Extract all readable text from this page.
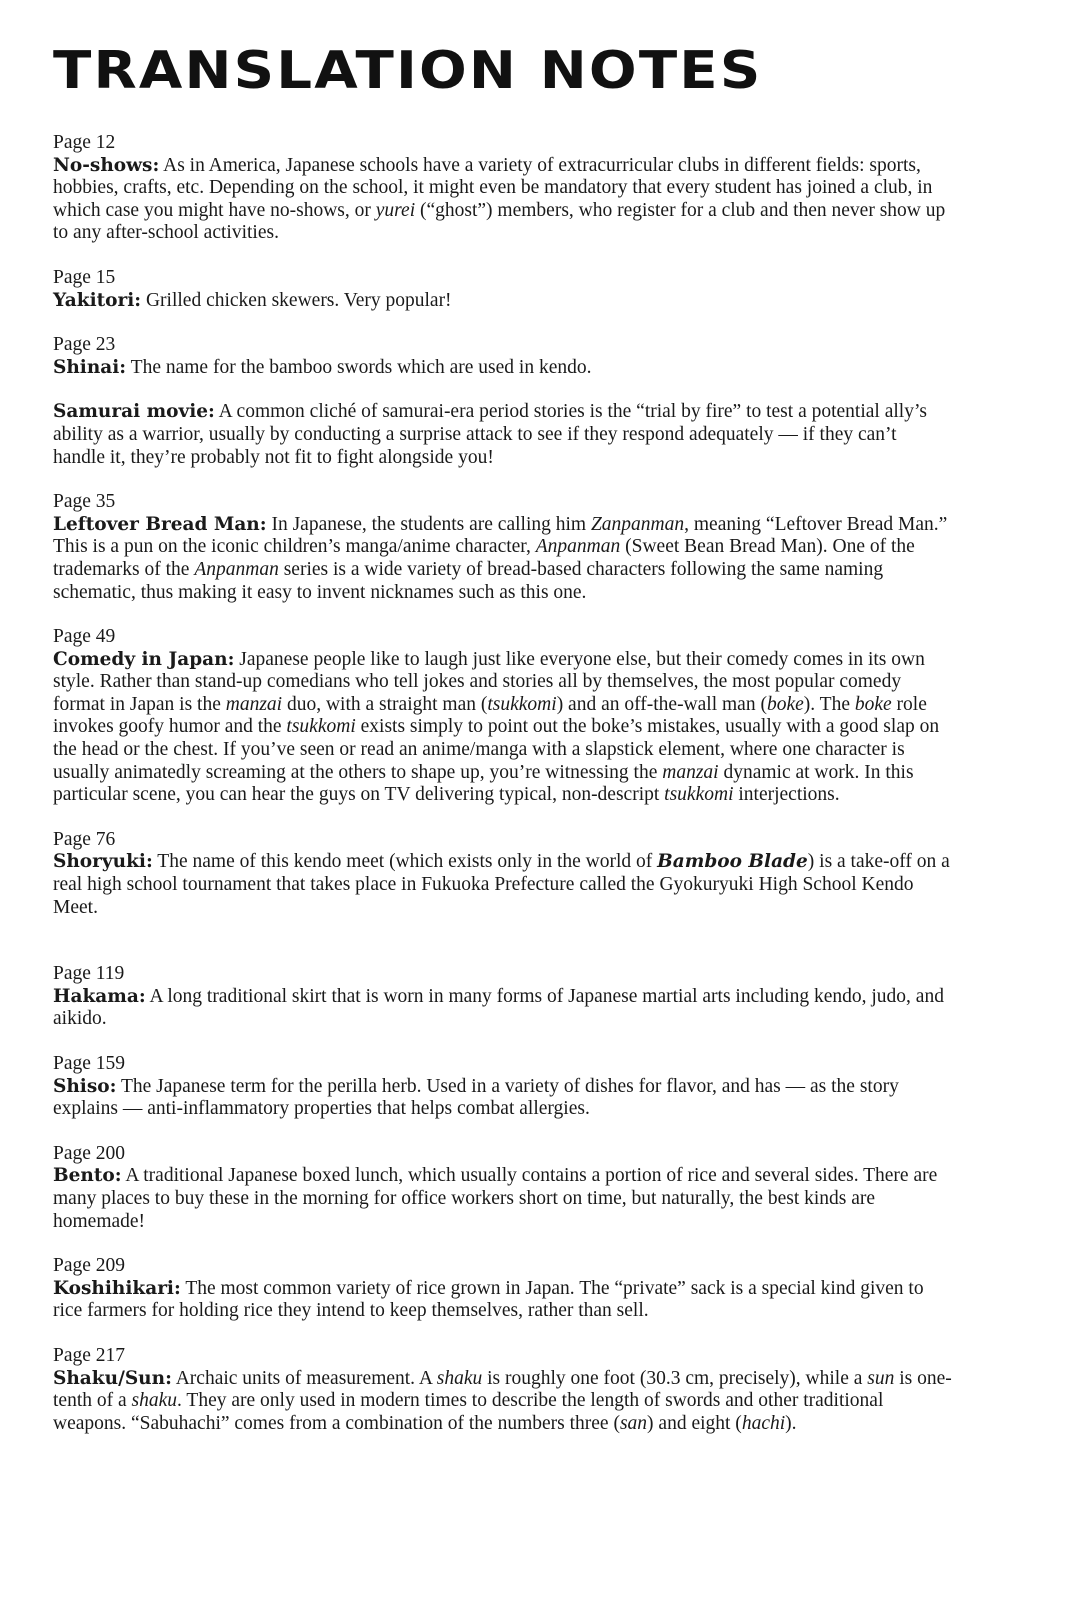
TRANSLATION NOTES
Page 12
No-shows: As in America, Japanese schools have a variety of extracurricular clubs in different fields: sports, hobbies, crafts, etc. Depending on the school, it might even be mandatory that every student has joined a club, in which case you might have no-shows, or yurei (“ghost”) members, who register for a club and then never show up to any after-school activities.
Page 15
Yakitori: Grilled chicken skewers. Very popular!
Page 23
Shinai: The name for the bamboo swords which are used in kendo.
Samurai movie: A common cliché of samurai-era period stories is the “trial by fire” to test a potential ally’s ability as a warrior, usually by conducting a surprise attack to see if they respond adequately — if they can’t handle it, they’re probably not fit to fight alongside you!
Page 35
Leftover Bread Man: In Japanese, the students are calling him Zanpanman, meaning “Leftover Bread Man.” This is a pun on the iconic children’s manga/anime character, Anpanman (Sweet Bean Bread Man). One of the trademarks of the Anpanman series is a wide variety of bread-based characters following the same naming schematic, thus making it easy to invent nicknames such as this one.
Page 49
Comedy in Japan: Japanese people like to laugh just like everyone else, but their comedy comes in its own style. Rather than stand-up comedians who tell jokes and stories all by themselves, the most popular comedy format in Japan is the manzai duo, with a straight man (tsukkomi) and an off-the-wall man (boke). The boke role invokes goofy humor and the tsukkomi exists simply to point out the boke’s mistakes, usually with a good slap on the head or the chest. If you’ve seen or read an anime/manga with a slapstick element, where one character is usually animatedly screaming at the others to shape up, you’re witnessing the manzai dynamic at work. In this particular scene, you can hear the guys on TV delivering typical, non-descript tsukkomi interjections.
Page 76
Shoryuki: The name of this kendo meet (which exists only in the world of Bamboo Blade) is a take-off on a real high school tournament that takes place in Fukuoka Prefecture called the Gyokuryuki High School Kendo Meet.
Page 119
Hakama: A long traditional skirt that is worn in many forms of Japanese martial arts including kendo, judo, and aikido.
Page 159
Shiso: The Japanese term for the perilla herb. Used in a variety of dishes for flavor, and has — as the story explains — anti-inflammatory properties that helps combat allergies.
Page 200
Bento: A traditional Japanese boxed lunch, which usually contains a portion of rice and several sides. There are many places to buy these in the morning for office workers short on time, but naturally, the best kinds are homemade!
Page 209
Koshihikari: The most common variety of rice grown in Japan. The “private” sack is a special kind given to rice farmers for holding rice they intend to keep themselves, rather than sell.
Page 217
Shaku/Sun: Archaic units of measurement. A shaku is roughly one foot (30.3 cm, precisely), while a sun is one-tenth of a shaku. They are only used in modern times to describe the length of swords and other traditional weapons. “Sabuhachi” comes from a combination of the numbers three (san) and eight (hachi).
